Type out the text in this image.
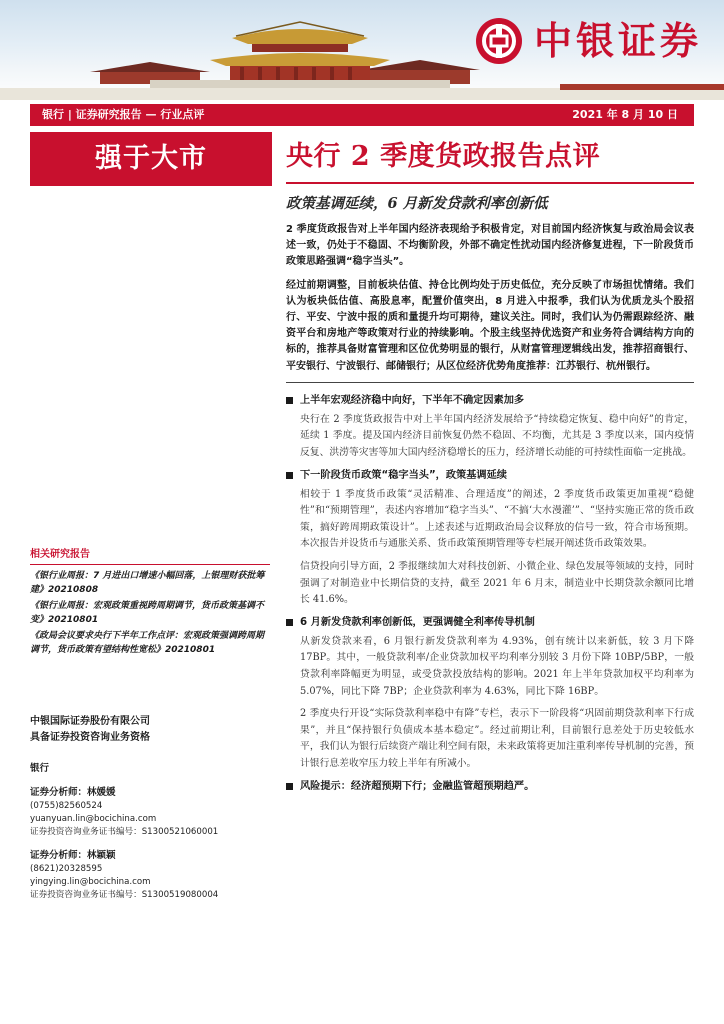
中银证券
银行 | 证券研究报告 — 行业点评	2021 年 8 月 10 日
强于大市	央行 2 季度货政报告点评
政策基调延续，6 月新发贷款利率创新低

2 季度货政报告对上半年国内经济表现给予积极肯定，对目前国内经济恢复与政治局会议表述一致，仍处于不稳固、不均衡阶段，外部不确定性扰动国内经济修复进程，下一阶段货币政策思路强调“稳字当头”。

经过前期调整，目前板块估值、持仓比例均处于历史低位，充分反映了市场担忧情绪。我们认为板块低估值、高股息率，配置价值突出，8 月进入中报季，我们认为优质龙头个股招行、平安、宁波中报的质和量提升均可期待，建议关注。同时，我们认为仍需跟踪经济、融资平台和房地产等政策对行业的持续影响。个股主线坚持优选资产和业务符合调结构方向的标的，推荐具备财富管理和区位优势明显的银行，从财富管理逻辑线出发，推荐招商银行、平安银行、宁波银行、邮储银行；从区位经济优势角度推荐：江苏银行、杭州银行。

上半年宏观经济稳中向好，下半年不确定因素加多

央行在 2 季度货政报告中对上半年国内经济发展给予“持续稳定恢复、稳中向好”的肯定，延续 1 季度。提及国内经济目前恢复仍然不稳固、不均衡，尤其是 3 季度以来，国内疫情反复、洪涝等灾害等加大国内经济稳增长的压力，经济增长动能的可持续性面临一定挑战。

下一阶段货币政策“稳字当头”，政策基调延续

相较于 1 季度货币政策“灵活精准、合理适度”的阐述，2 季度货币政策更加重视“稳健性”和“预期管理”，表述内容增加“稳字当头”、“不搞‘大水漫灌’”、“坚持实施正常的货币政策，搞好跨周期政策设计”。上述表述与近期政治局会议释放的信号一致，符合市场预期。本次报告并设货币与通胀关系、货币政策预期管理等专栏展开阐述货币政策效果。

信贷投向引导方面，2 季报继续加大对科技创新、小微企业、绿色发展等领域的支持，同时强调了对制造业中长期信贷的支持，截至 2021 年 6 月末，制造业中长期贷款余额同比增长 41.6%。

6 月新发贷款利率创新低，更强调健全利率传导机制

从新发贷款来看，6 月银行新发贷款利率为 4.93%，创有统计以来新低，较 3 月下降 17BP。其中，一般贷款利率/企业贷款加权平均利率分别较 3 月份下降 10BP/5BP，一般贷款利率降幅更为明显，或受贷款投放结构的影响。2021 年上半年贷款加权平均利率为 5.07%，同比下降 7BP；企业贷款利率为 4.63%，同比下降 16BP。

2 季度央行开设“实际贷款利率稳中有降”专栏，表示下一阶段将“巩固前期贷款利率下行成果”，并且“保持银行负债成本基本稳定”。经过前期让利，目前银行息差处于历史较低水平，我们认为银行后续资产端让利空间有限，未来政策将更加注重利率传导机制的完善，预计银行息差收窄压力较上半年有所减小。

风险提示：经济超预期下行；金融监管超预期趋严。
相关研究报告

《银行业周报：7 月进出口增速小幅回落，上银理财获批筹建》20210808

《银行业周报：宏观政策重视跨周期调节，货币政策基调不变》20210801

《政局会议要求央行下半年工作点评：宏观政策强调跨周期调节，货币政策有望结构性宽松》20210801

中银国际证券股份有限公司
具备证券投资咨询业务资格
银行
证券分析师：林媛媛
(0755)82560524
yuanyuan.lin@bocichina.com
证券投资咨询业务证书编号：S1300521060001
证券分析师：林颖颖
(8621)20328595
yingying.lin@bocichina.com
证券投资咨询业务证书编号：S1300519080004
